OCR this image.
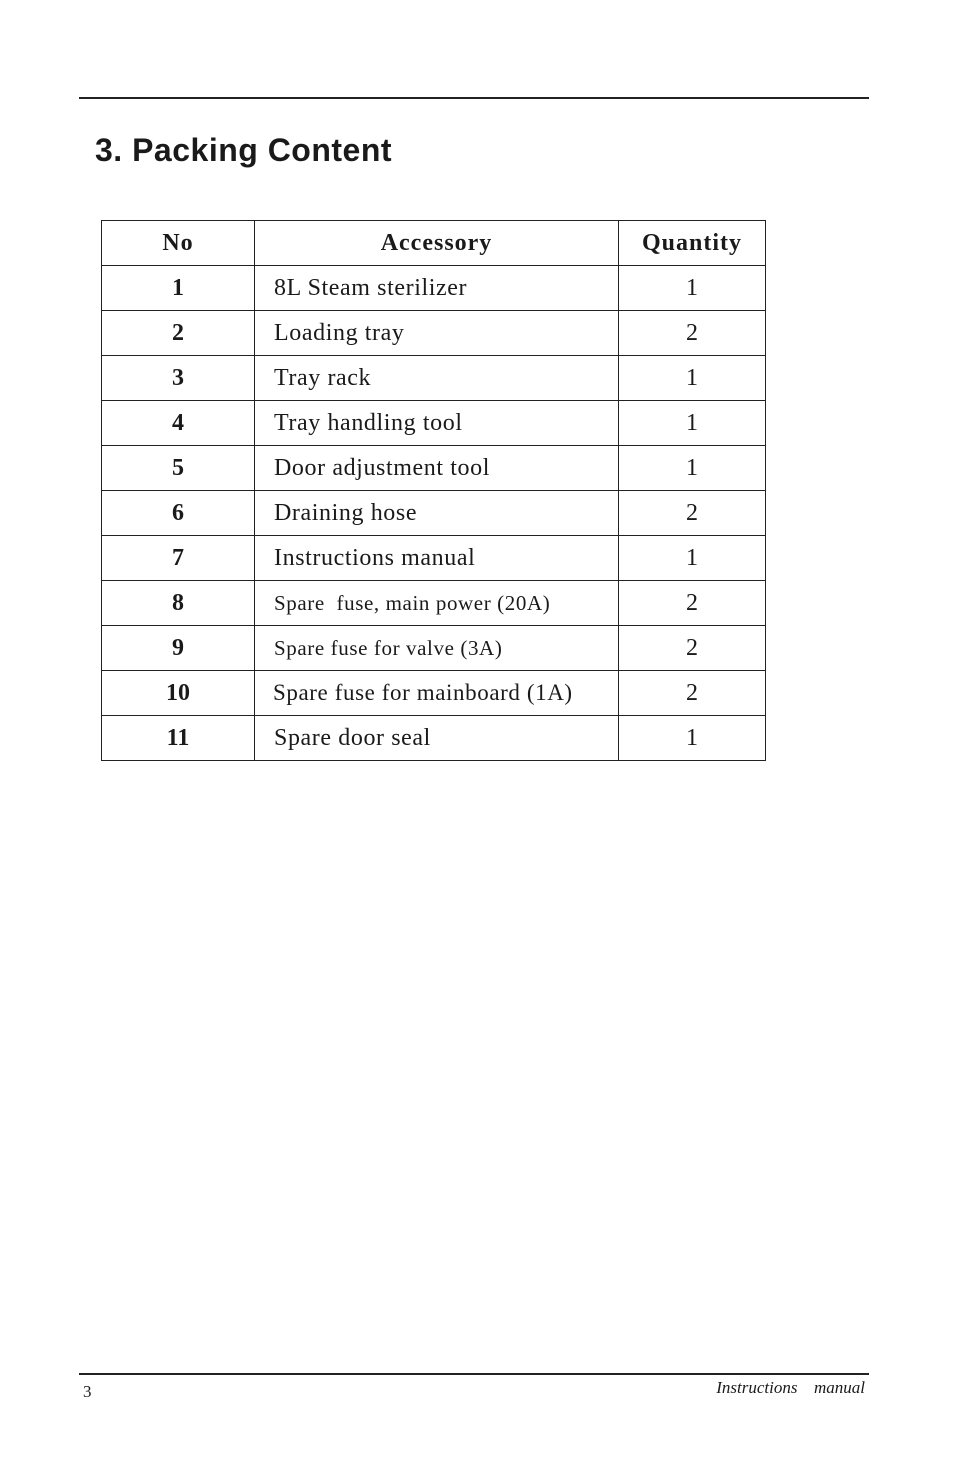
3. Packing Content
No	Accessory	Quantity
1	8L Steam sterilizer	1
2	Loading tray	2
3	Tray rack	1
4	Tray handling tool	1
5	Door adjustment tool	1
6	Draining hose	2
7	Instructions manual	1
8	Spare  fuse, main power (20A)	2
9	Spare fuse for valve (3A)	2
10	Spare fuse for mainboard (1A)	2
11	Spare door seal	1
3	Instructions  manual
